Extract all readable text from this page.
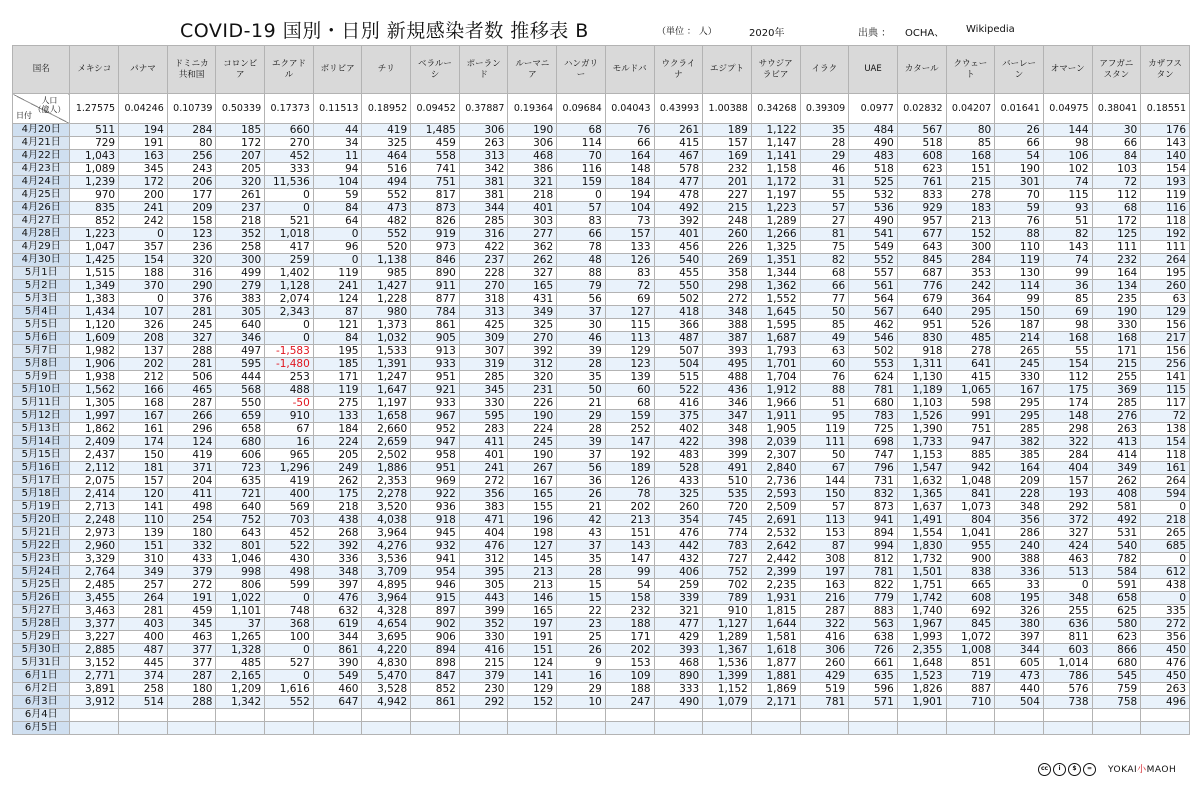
COVID-19 国別・日別 新規感染者数 推移表 B	（単位 ： 人）	2020年	出典 ： OCHA、 Wikipedia
国名	メキシコ	パナマ	ドミニカ共和国	コロンビア	エクアドル	ボリビア	チリ	ベラルーシ	ポーランド	ルーマニア	ハンガリー	モルドバ	ウクライナ	エジプト	サウジアラビア	イラク	UAE	カタール	クウェート	バーレーン	オマーン	アフガニスタン	カザフスタン

人口
（億人）
日付	1.27575	0.04246	0.10739	0.50339	0.17373	0.11513	0.18952	0.09452	0.37887	0.19364	0.09684	0.04043	0.43993	1.00388	0.34268	0.39309	0.0977	0.02832	0.04207	0.01641	0.04975	0.38041	0.18551
4月20日	511	194	284	185	660	44	419	1,485	306	190	68	76	261	189	1,122	35	484	567	80	26	144	30	176
4月21日	729	191	80	172	270	34	325	459	263	306	114	66	415	157	1,147	28	490	518	85	66	98	66	143
4月22日	1,043	163	256	207	452	11	464	558	313	468	70	164	467	169	1,141	29	483	608	168	54	106	84	140
4月23日	1,089	345	243	205	333	94	516	741	342	386	116	148	578	232	1,158	46	518	623	151	190	102	103	154
4月24日	1,239	172	206	320	11,536	104	494	751	381	321	159	184	477	201	1,172	31	525	761	215	301	74	72	193
4月25日	970	200	177	261	0	59	552	817	381	218	0	194	478	227	1,197	55	532	833	278	70	115	112	119
4月26日	835	241	209	237	0	84	473	873	344	401	57	104	492	215	1,223	57	536	929	183	59	93	68	116
4月27日	852	242	158	218	521	64	482	826	285	303	83	73	392	248	1,289	27	490	957	213	76	51	172	118
4月28日	1,223	0	123	352	1,018	0	552	919	316	277	66	157	401	260	1,266	81	541	677	152	88	82	125	192
4月29日	1,047	357	236	258	417	96	520	973	422	362	78	133	456	226	1,325	75	549	643	300	110	143	111	111
4月30日	1,425	154	320	300	259	0	1,138	846	237	262	48	126	540	269	1,351	82	552	845	284	119	74	232	264
5月1日	1,515	188	316	499	1,402	119	985	890	228	327	88	83	455	358	1,344	68	557	687	353	130	99	164	195
5月2日	1,349	370	290	279	1,128	241	1,427	911	270	165	79	72	550	298	1,362	66	561	776	242	114	36	134	260
5月3日	1,383	0	376	383	2,074	124	1,228	877	318	431	56	69	502	272	1,552	77	564	679	364	99	85	235	63
5月4日	1,434	107	281	305	2,343	87	980	784	313	349	37	127	418	348	1,645	50	567	640	295	150	69	190	129
5月5日	1,120	326	245	640	0	121	1,373	861	425	325	30	115	366	388	1,595	85	462	951	526	187	98	330	156
5月6日	1,609	208	327	346	0	84	1,032	905	309	270	46	113	487	387	1,687	49	546	830	485	214	168	168	217
5月7日	1,982	137	288	497	-1,583	195	1,533	913	307	392	39	129	507	393	1,793	63	502	918	278	265	55	171	156
5月8日	1,906	202	281	595	-1,480	185	1,391	933	319	312	28	123	504	495	1,701	60	553	1,311	641	245	154	215	256
5月9日	1,938	212	506	444	253	171	1,247	951	285	320	35	139	515	488	1,704	76	624	1,130	415	330	112	255	141
5月10日	1,562	166	465	568	488	119	1,647	921	345	231	50	60	522	436	1,912	88	781	1,189	1,065	167	175	369	115
5月11日	1,305	168	287	550	-50	275	1,197	933	330	226	21	68	416	346	1,966	51	680	1,103	598	295	174	285	117
5月12日	1,997	167	266	659	910	133	1,658	967	595	190	29	159	375	347	1,911	95	783	1,526	991	295	148	276	72
5月13日	1,862	161	296	658	67	184	2,660	952	283	224	28	252	402	348	1,905	119	725	1,390	751	285	298	263	138
5月14日	2,409	174	124	680	16	224	2,659	947	411	245	39	147	422	398	2,039	111	698	1,733	947	382	322	413	154
5月15日	2,437	150	419	606	965	205	2,502	958	401	190	37	192	483	399	2,307	50	747	1,153	885	385	284	414	118
5月16日	2,112	181	371	723	1,296	249	1,886	951	241	267	56	189	528	491	2,840	67	796	1,547	942	164	404	349	161
5月17日	2,075	157	204	635	419	262	2,353	969	272	167	36	126	433	510	2,736	144	731	1,632	1,048	209	157	262	264
5月18日	2,414	120	411	721	400	175	2,278	922	356	165	26	78	325	535	2,593	150	832	1,365	841	228	193	408	594
5月19日	2,713	141	498	640	569	218	3,520	936	383	155	21	202	260	720	2,509	57	873	1,637	1,073	348	292	581	0
5月20日	2,248	110	254	752	703	438	4,038	918	471	196	42	213	354	745	2,691	113	941	1,491	804	356	372	492	218
5月21日	2,973	139	180	643	452	268	3,964	945	404	198	43	151	476	774	2,532	153	894	1,554	1,041	286	327	531	265
5月22日	2,960	151	332	801	522	392	4,276	932	476	127	37	143	442	783	2,642	87	994	1,830	955	240	424	540	685
5月23日	3,329	310	433	1,046	430	336	3,536	941	312	145	35	147	432	727	2,442	308	812	1,732	900	388	463	782	0
5月24日	2,764	349	379	998	498	348	3,709	954	395	213	28	99	406	752	2,399	197	781	1,501	838	336	513	584	612
5月25日	2,485	257	272	806	599	397	4,895	946	305	213	15	54	259	702	2,235	163	822	1,751	665	33	0	591	438
5月26日	3,455	264	191	1,022	0	476	3,964	915	443	146	15	158	339	789	1,931	216	779	1,742	608	195	348	658	0
5月27日	3,463	281	459	1,101	748	632	4,328	897	399	165	22	232	321	910	1,815	287	883	1,740	692	326	255	625	335
5月28日	3,377	403	345	37	368	619	4,654	902	352	197	23	188	477	1,127	1,644	322	563	1,967	845	380	636	580	272
5月29日	3,227	400	463	1,265	100	344	3,695	906	330	191	25	171	429	1,289	1,581	416	638	1,993	1,072	397	811	623	356
5月30日	2,885	487	377	1,328	0	861	4,220	894	416	151	26	202	393	1,367	1,618	306	726	2,355	1,008	344	603	866	450
5月31日	3,152	445	377	485	527	390	4,830	898	215	124	9	153	468	1,536	1,877	260	661	1,648	851	605	1,014	680	476
6月1日	2,771	374	287	2,165	0	549	5,470	847	379	141	16	109	890	1,399	1,881	429	635	1,523	719	473	786	545	450
6月2日	3,891	258	180	1,209	1,616	460	3,528	852	230	129	29	188	333	1,152	1,869	519	596	1,826	887	440	576	759	263
6月3日	3,912	514	288	1,342	552	647	4,942	861	292	152	10	247	490	1,079	2,171	781	571	1,901	710	504	738	758	496
6月4日																							
6月5日																							
cc	i	$	=	YOKAI小MAOH
